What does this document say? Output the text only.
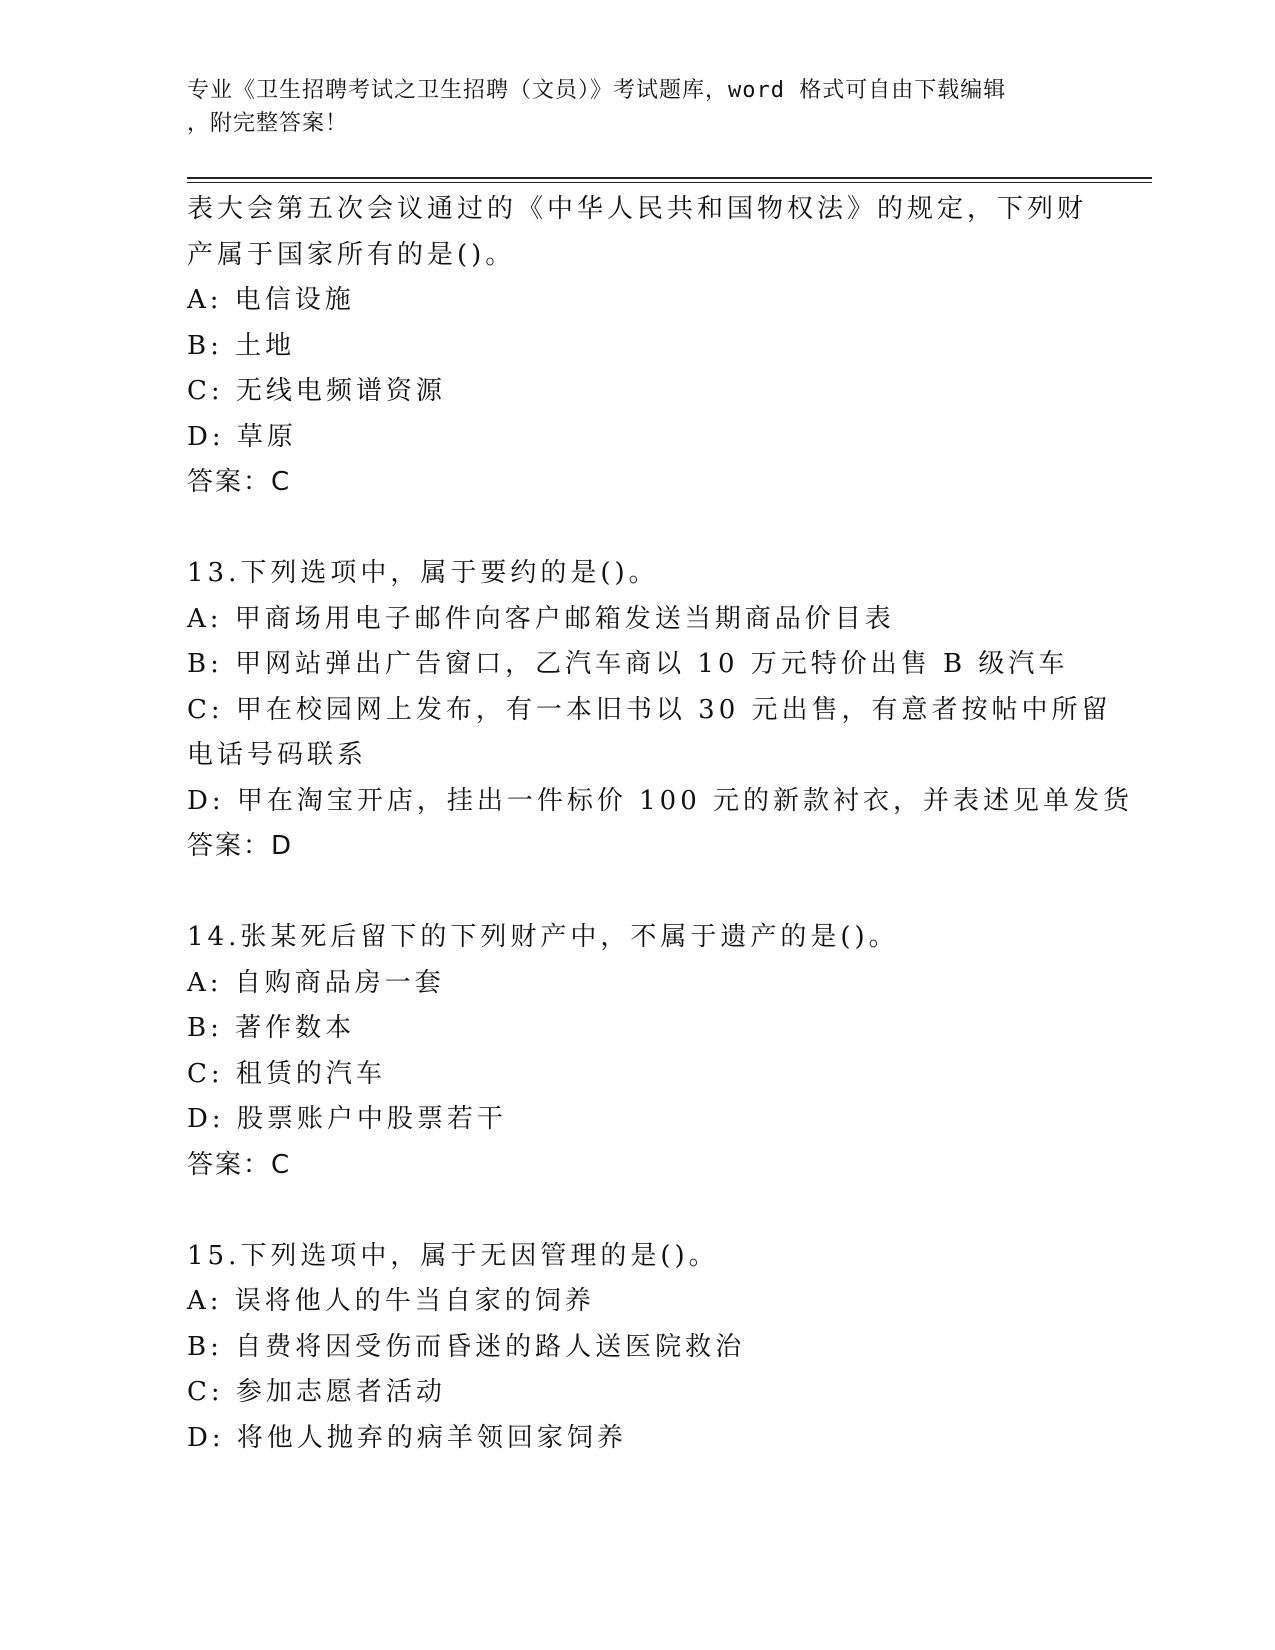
专业《卫生招聘考试之卫生招聘（文员）》考试题库，word 格式可自由下载编辑
，附完整答案！
表大会第五次会议通过的《中华人民共和国物权法》的规定，下列财
产属于国家所有的是()。
A: 电信设施
B: 土地
C: 无线电频谱资源
D: 草原
答案：C
13.下列选项中，属于要约的是()。
A: 甲商场用电子邮件向客户邮箱发送当期商品价目表
B: 甲网站弹出广告窗口，乙汽车商以 10 万元特价出售 B 级汽车
C: 甲在校园网上发布，有一本旧书以 30 元出售，有意者按帖中所留
电话号码联系
D: 甲在淘宝开店，挂出一件标价 100 元的新款衬衣，并表述见单发货
答案：D
14.张某死后留下的下列财产中，不属于遗产的是()。
A: 自购商品房一套
B: 著作数本
C: 租赁的汽车
D: 股票账户中股票若干
答案：C
15.下列选项中，属于无因管理的是()。
A: 误将他人的牛当自家的饲养
B: 自费将因受伤而昏迷的路人送医院救治
C: 参加志愿者活动
D: 将他人抛弃的病羊领回家饲养
